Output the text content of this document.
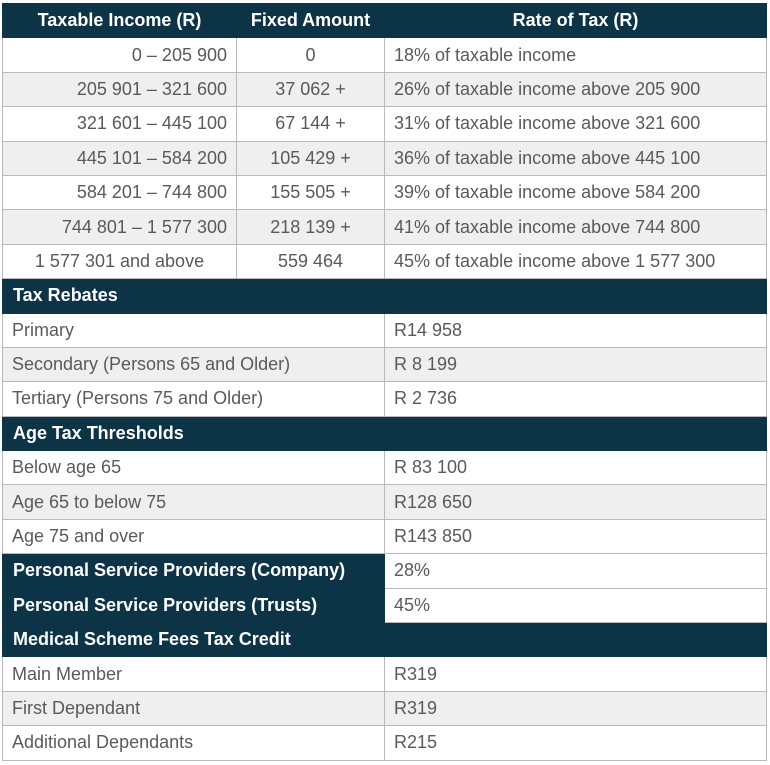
Taxable Income (R)	Fixed Amount	Rate of Tax (R)
0 – 205 900	0	18% of taxable income
205 901 – 321 600	37 062 +	26% of taxable income above 205 900
321 601 – 445 100	67 144 +	31% of taxable income above 321 600
445 101 – 584 200	105 429 +	36% of taxable income above 445 100
584 201 – 744 800	155 505 +	39% of taxable income above 584 200
744 801 – 1 577 300	218 139 +	41% of taxable income above 744 800
1 577 301 and above	559 464	45% of taxable income above 1 577 300
Tax Rebates		
Primary		R14 958
Secondary (Persons 65 and Older)		R 8 199
Tertiary (Persons 75 and Older)		R 2 736
Age Tax Thresholds		
Below age 65		R 83 100
Age 65 to below 75		R128 650
Age 75 and over		R143 850
Personal Service Providers (Company)		28%
Personal Service Providers (Trusts)		45%
Medical Scheme Fees Tax Credit		
Main Member		R319
First Dependant		R319
Additional Dependants		R215
